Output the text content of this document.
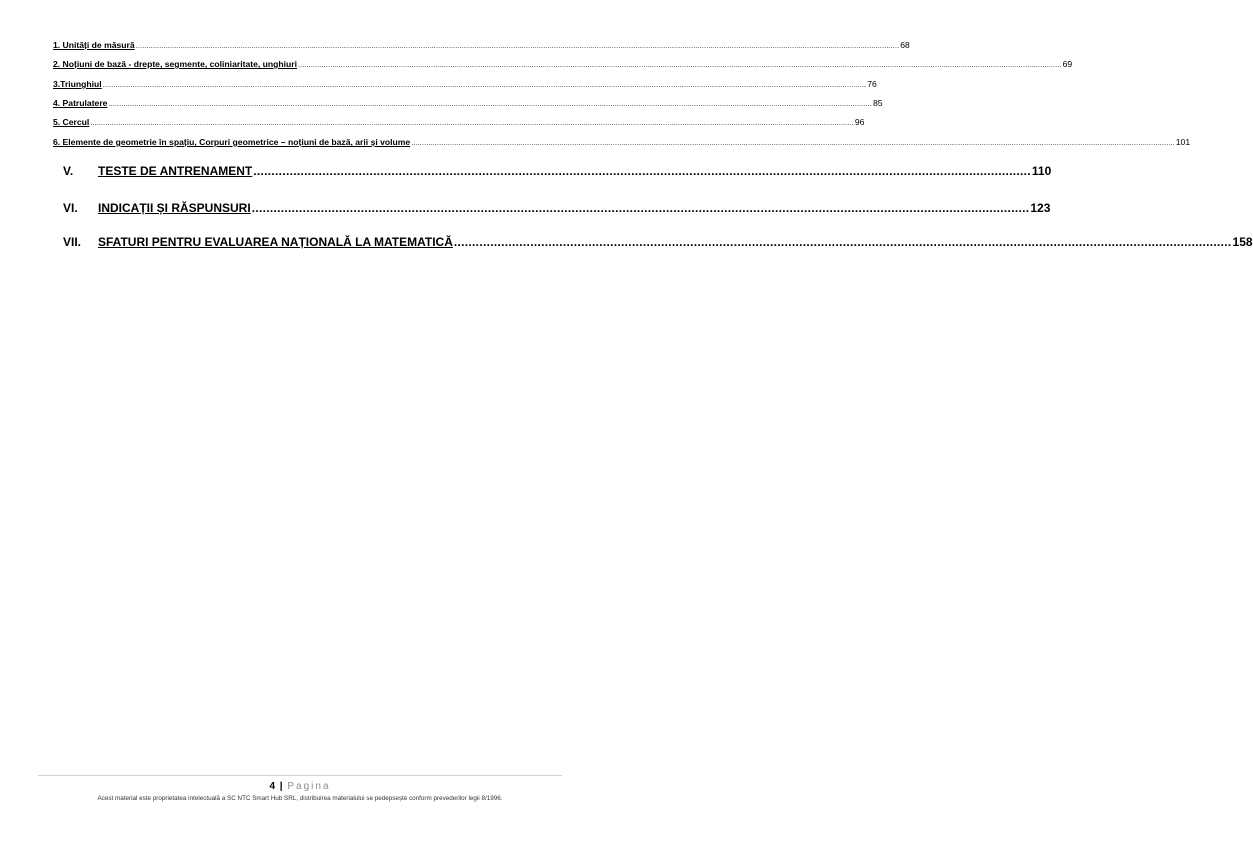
1. Unități de măsură .................................................................................................................................................................................................................................................................................................................................................................... 68
2. Noțiuni de bază - drepte, segmente, coliniaritate, unghiuri .................................................................................................................................................................................................................................................................................................................................................................... 69
3.Triunghiul .................................................................................................................................................................................................................................................................................................................................................................... 76
4. Patrulatere .................................................................................................................................................................................................................................................................................................................................................................... 85
5. Cercul .................................................................................................................................................................................................................................................................................................................................................................... 96
6. Elemente de geometrie în spațiu, Corpuri geometrice – noțiuni de bază, arii și volume .................................................................................................................................................................................................................................................................................................................................................................... 101
V.	TESTE DE ANTRENAMENT ...................................................................................................................................................................................................................... 110
VI.	INDICAȚII ȘI RĂSPUNSURI ...................................................................................................................................................................................................................... 123
VII.	SFATURI PENTRU EVALUAREA NAȚIONALĂ LA MATEMATICĂ ...................................................................................................................................................................................................................... 158
4 | Pagina
Acest material este proprietatea intelectuală a SC NTC Smart Hub SRL, distribuirea materialului se pedepsește conform prevederilor legii 8/1996.
